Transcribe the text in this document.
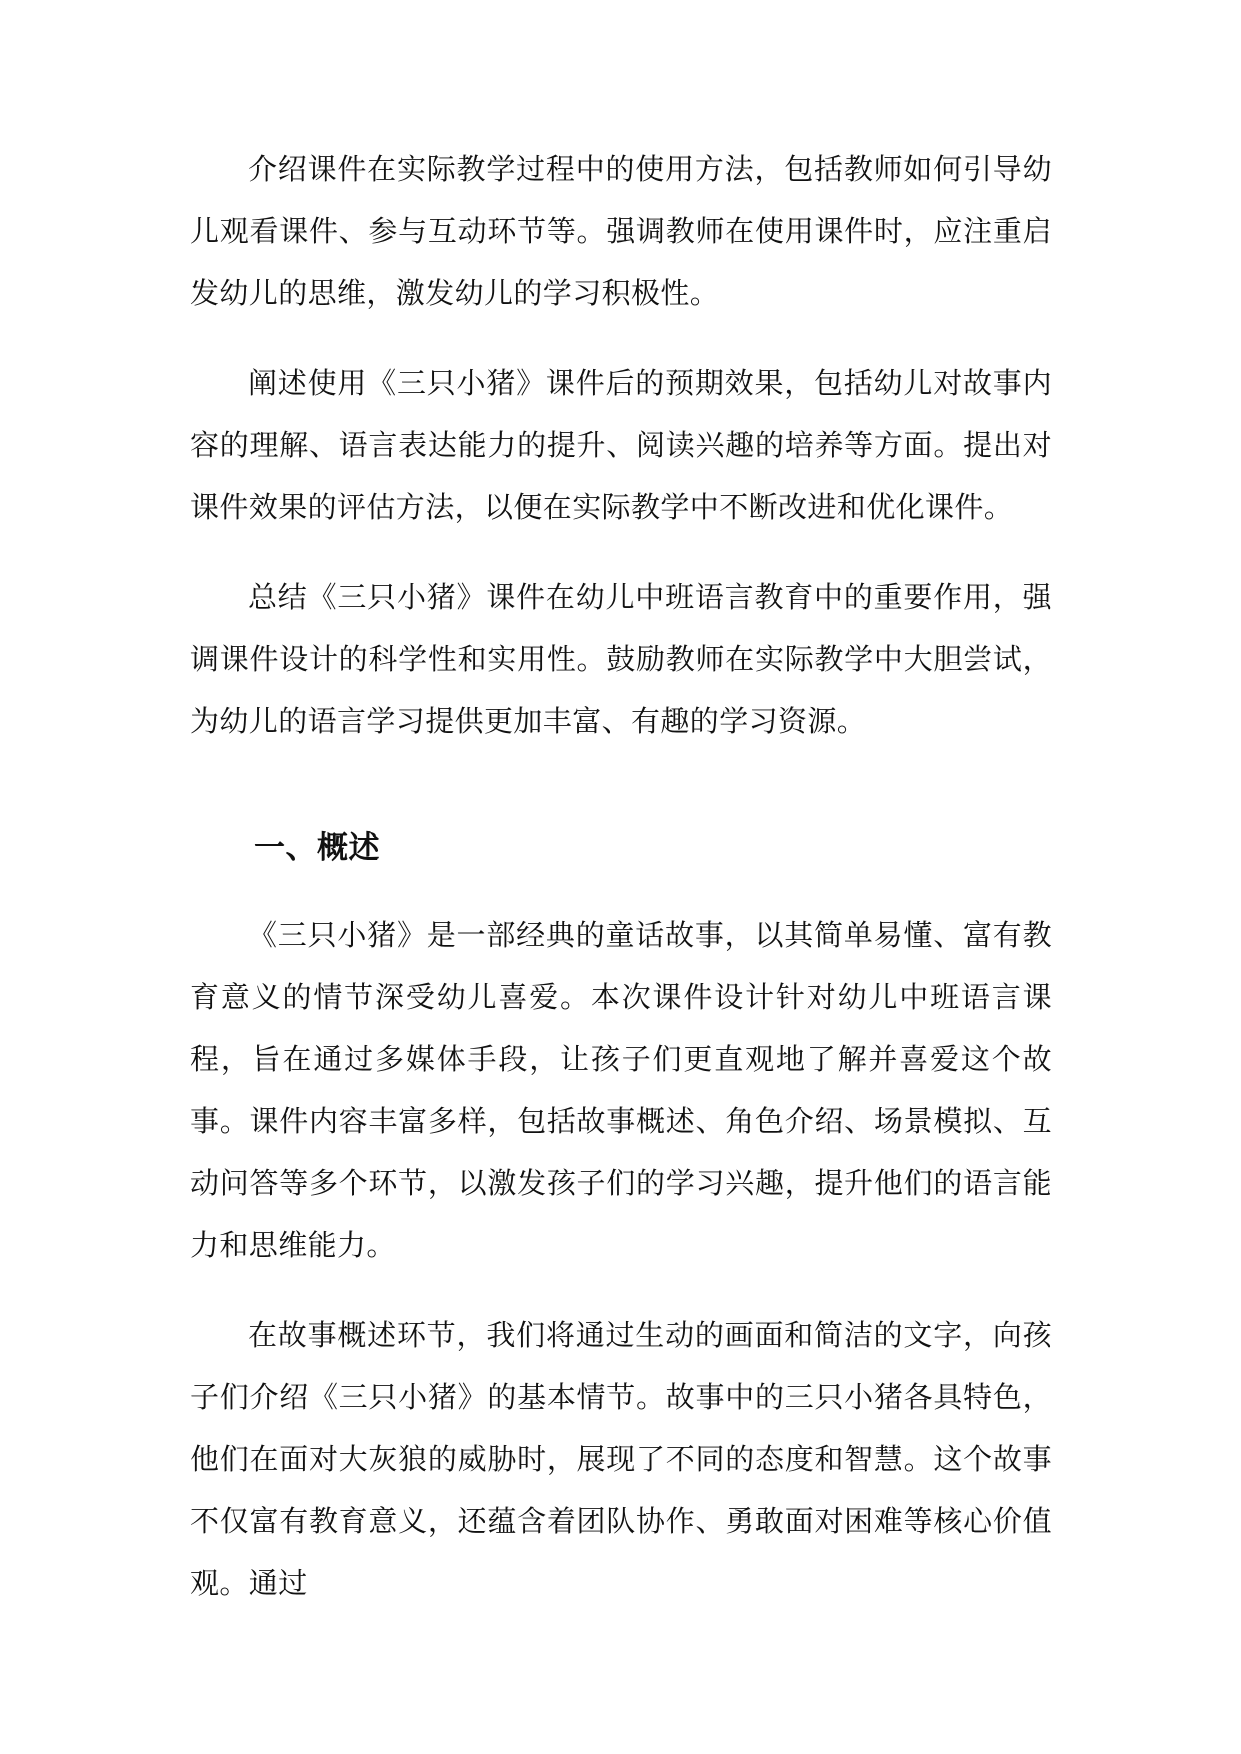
介绍课件在实际教学过程中的使用方法，包括教师如何引导幼儿观看课件、参与互动环节等。强调教师在使用课件时，应注重启发幼儿的思维，激发幼儿的学习积极性。

阐述使用《三只小猪》课件后的预期效果，包括幼儿对故事内容的理解、语言表达能力的提升、阅读兴趣的培养等方面。提出对课件效果的评估方法，以便在实际教学中不断改进和优化课件。

总结《三只小猪》课件在幼儿中班语言教育中的重要作用，强调课件设计的科学性和实用性。鼓励教师在实际教学中大胆尝试，为幼儿的语言学习提供更加丰富、有趣的学习资源。

一、概述

《三只小猪》是一部经典的童话故事，以其简单易懂、富有教育意义的情节深受幼儿喜爱。本次课件设计针对幼儿中班语言课程，旨在通过多媒体手段，让孩子们更直观地了解并喜爱这个故事。课件内容丰富多样，包括故事概述、角色介绍、场景模拟、互动问答等多个环节，以激发孩子们的学习兴趣，提升他们的语言能力和思维能力。

在故事概述环节，我们将通过生动的画面和简洁的文字，向孩子们介绍《三只小猪》的基本情节。故事中的三只小猪各具特色，他们在面对大灰狼的威胁时，展现了不同的态度和智慧。这个故事不仅富有教育意义，还蕴含着团队协作、勇敢面对困难等核心价值观。通过
